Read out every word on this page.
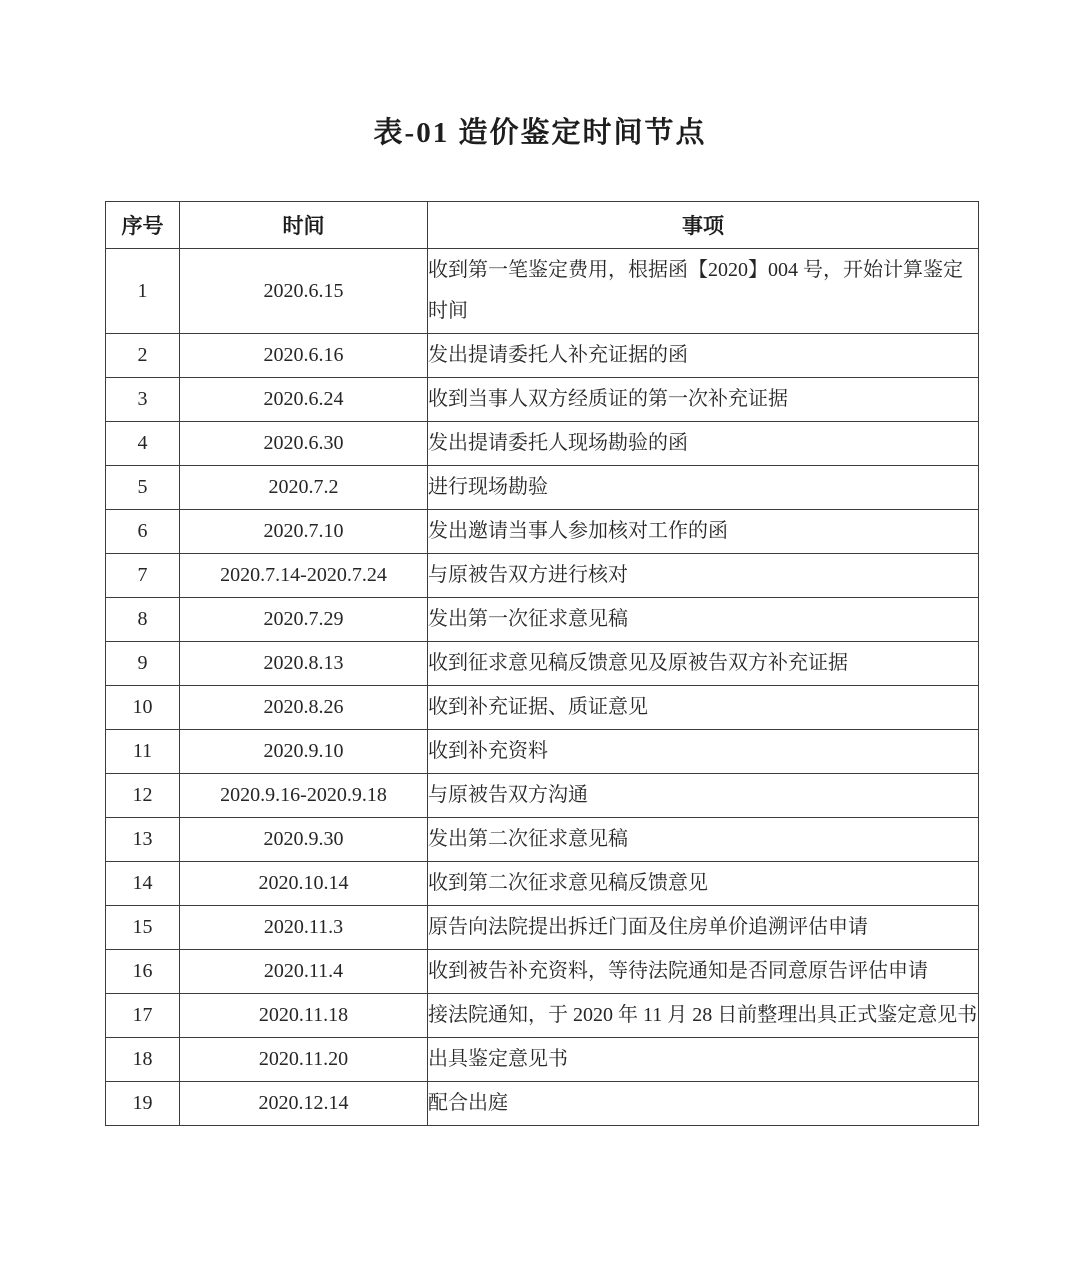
表-01 造价鉴定时间节点
序号	时间	事项
1	2020.6.15	收到第一笔鉴定费用，根据函【2020】004 号，开始计算鉴定时间
2	2020.6.16	发出提请委托人补充证据的函
3	2020.6.24	收到当事人双方经质证的第一次补充证据
4	2020.6.30	发出提请委托人现场勘验的函
5	2020.7.2	进行现场勘验
6	2020.7.10	发出邀请当事人参加核对工作的函
7	2020.7.14-2020.7.24	与原被告双方进行核对
8	2020.7.29	发出第一次征求意见稿
9	2020.8.13	收到征求意见稿反馈意见及原被告双方补充证据
10	2020.8.26	收到补充证据、质证意见
11	2020.9.10	收到补充资料
12	2020.9.16-2020.9.18	与原被告双方沟通
13	2020.9.30	发出第二次征求意见稿
14	2020.10.14	收到第二次征求意见稿反馈意见
15	2020.11.3	原告向法院提出拆迁门面及住房单价追溯评估申请
16	2020.11.4	收到被告补充资料，等待法院通知是否同意原告评估申请
17	2020.11.18	接法院通知，于 2020 年 11 月 28 日前整理出具正式鉴定意见书
18	2020.11.20	出具鉴定意见书
19	2020.12.14	配合出庭
